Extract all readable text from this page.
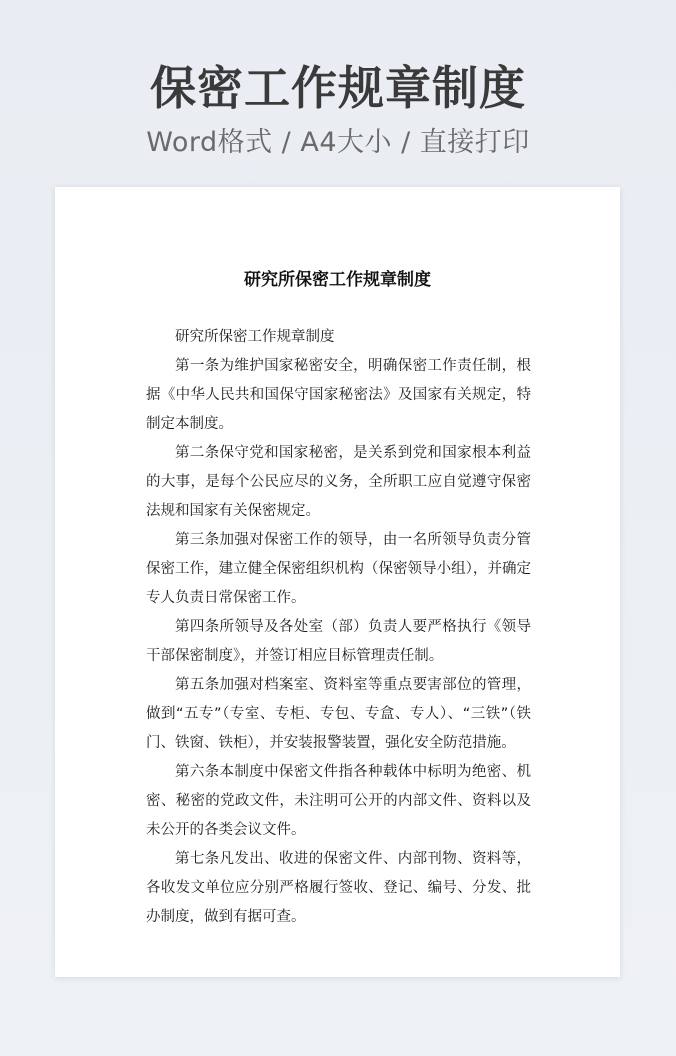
保密工作规章制度
Word格式 / A4大小 / 直接打印
研究所保密工作规章制度

研究所保密工作规章制度

第一条为维护国家秘密安全，明确保密工作责任制，根据《中华人民共和国保守国家秘密法》及国家有关规定，特制定本制度。

第二条保守党和国家秘密，是关系到党和国家根本利益的大事，是每个公民应尽的义务，全所职工应自觉遵守保密法规和国家有关保密规定。

第三条加强对保密工作的领导，由一名所领导负责分管保密工作，建立健全保密组织机构（保密领导小组），并确定专人负责日常保密工作。

第四条所领导及各处室（部）负责人要严格执行《领导干部保密制度》，并签订相应目标管理责任制。

第五条加强对档案室、资料室等重点要害部位的管理，做到“五专”（专室、专柜、专包、专盒、专人）、“三铁”（铁门、铁窗、铁柜），并安装报警装置，强化安全防范措施。

第六条本制度中保密文件指各种载体中标明为绝密、机密、秘密的党政文件，未注明可公开的内部文件、资料以及未公开的各类会议文件。

第七条凡发出、收进的保密文件、内部刊物、资料等，各收发文单位应分别严格履行签收、登记、编号、分发、批办制度，做到有据可查。
